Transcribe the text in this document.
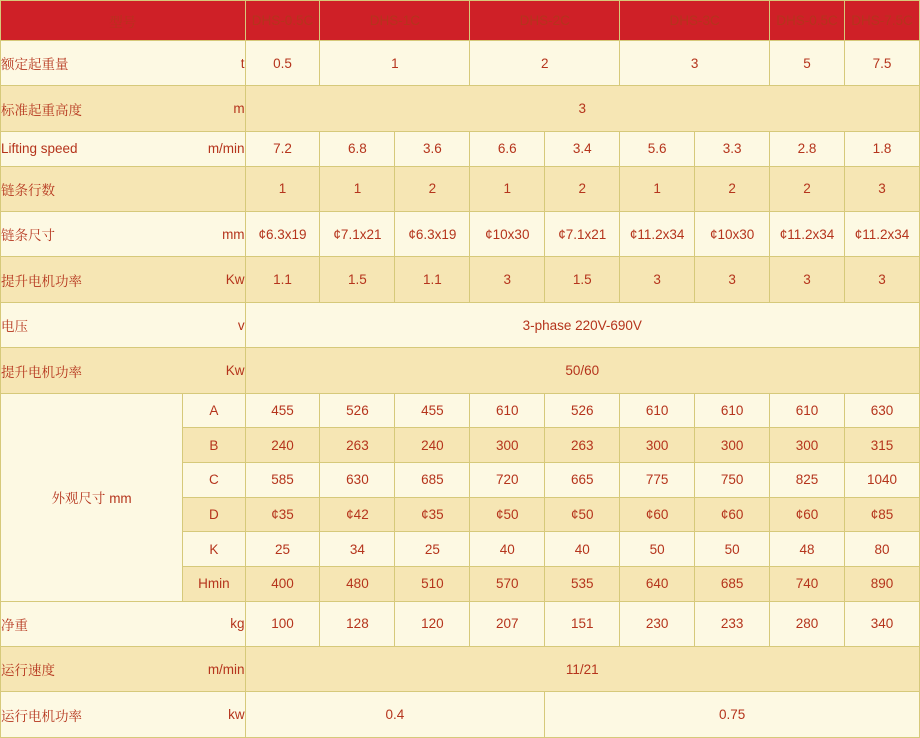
型号		DHS-0.5C	DHS-1C		DHS-2C		DHS-3C		DHS-0.5C	DHS-7.5C

额定起重量 t		0.5	1		2		3		5	7.5

标准起重高度 m		3								

Lifting speed m/min		7.2	6.8	3.6	6.6	3.4	5.6	3.3	2.8	1.8

链条行数		1	1	2	1	2	1	2	2	3

链条尺寸 mm		¢6.3x19	¢7.1x21	¢6.3x19	¢10x30	¢7.1x21	¢11.2x34	¢10x30	¢11.2x34	¢11.2x34

提升电机功率 Kw		1.1	1.5	1.1	3	1.5	3	3	3	3

电压 v		3-phase 220V-690V								

提升电机功率 Kw		50/60								
外观尺寸 mm	A	455	526	455	610	526	610	610	610	630
	B	240	263	240	300	263	300	300	300	315
	C	585	630	685	720	665	775	750	825	1040
	D	¢35	¢42	¢35	¢50	¢50	¢60	¢60	¢60	¢85
	K	25	34	25	40	40	50	50	48	80
	Hmin	400	480	510	570	535	640	685	740	890

净重 kg		100	128	120	207	151	230	233	280	340

运行速度 m/min		11/21								

运行电机功率 kw		0.4				0.75				
